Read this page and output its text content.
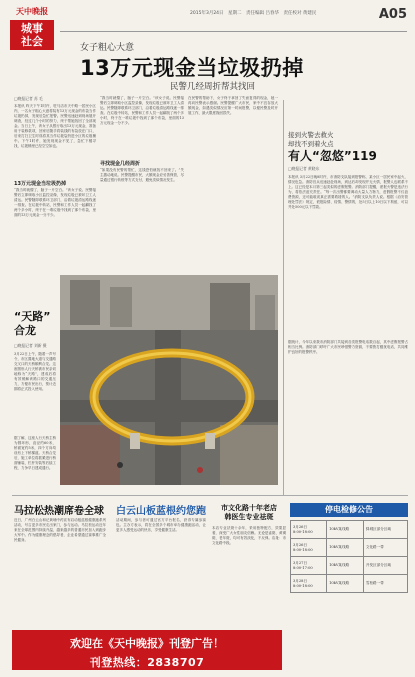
天中晚报
城事
社会
2015年3月24日　星期二　责任编辑 吕春华　责任校对 黄建民	A05
女子粗心大意
13万元现金当垃圾扔掉
民警几经周折帮其找回
□晚报记者 苏 毛
本报讯 昨天下午1时许，驻马店市天中路一居民小区内，一名女子粗心大意将装有13万元现金的布袋当作垃圾扔掉，发现后急忙报警。民警迅速赶到现场展开调查，经过几个小时的努力，终于帮她找回了全部现金。当日上午，该女子从银行取出13万元现金，准备用于装修款项，回家后随手将装钱的布袋放在门口，后来打扫卫生时误将其当作垃圾袋扔进小区的垃圾桶中。下午1时许，她发现现金不见了，急忙下楼寻找，垃圾桶里已经空空如也。
13万元现金当垃圾扔掉
“我当时就懵了，脑子一片空白。”该女子说。民警接警后立即调取小区监控录像，发现垃圾已被环卫工人清运。民警随即联系环卫部门，沿着垃圾清运路线逐一排查。在垃圾中转站，民警和工作人员一起翻找了两个多小时，终于在一堆垃圾中找到了那个布袋，里面的13万元现金一分不少。
“我当时就懵了，脑子一片空白。”该女子说。民警接警后立即调取小区监控录像，发现垃圾已被环卫工人清运。民警随即联系环卫部门，沿着垃圾清运路线逐一排查。在垃圾中转站，民警和工作人员一起翻找了两个多小时，终于在一堆垃圾中找到了那个布袋，里面的13万元现金一分不少。
寻找现金几经周折
“如果没有民警的帮忙，这钱恐怕就找不回来了。”失主激动地说。民警提醒市民，大额现金应妥善保管，尽量通过银行转账等方式支付，避免类似情况发生。
在民警的帮助下，女子终于拿回了失而复得的现金，她一再向民警表示感谢。民警提醒广大市民，家中不宜存放大额现金，如遇类似情况应第一时间报警，以便民警及时开展工作，最大限度挽回损失。
“天路”
合龙
□晚报记者 刘新 摄
3月22日上午，随着一声号令，市区置地大道与交通路交叉口的天桥顺利合龙。这座圆形人行天桥被市民亲切地称为“天路”，建成后将有效缓解该路口的交通压力，方便市民出行，预计近期将正式投入使用。
据了解，这座人行天桥主桥为圆环形，直径约60米，桥面宽约5米，四个方向均设有上下桥梯道。天桥合龙后，施工单位将抓紧进行桥面铺装、栏杆安装等后续工程，力争早日建成通行。
接到火警去救火
却找不到着火点
有人“忽悠”119
□晚报记者 黄晓东
本报讯 3月22日晚8时许，市消防支队接到报警称，某小区一居民家中起火，情况危急。消防官兵迅速赶赴现场，到达后却发现并无火情，报警人也联系不上。这已经是本月第三起类似的虚假报警。消防部门提醒，谎报火警是违法行为，将依法追究责任。“每一次出警都要调动大量人力物力，虚假报警不仅浪费资源，还可能耽误真正需要救援的人。”消防支队负责人说。根据《治安管理处罚法》规定，谎报险情、疫情、警情的，处5日以上10日以下拘留，可以并处500元以下罚款。
据统计，今年以来我市消防部门共接到各类报警电话数百起，其中虚假报警占相当比例。消防部门呼吁广大市民珍惜警力资源，不要拨打骚扰电话，共同维护良好的报警秩序。
马拉松热潮席卷全球 白云山板蓝根约您跑
近日，广州白云山和记黄埔中药宣布启动板蓝根健康跑系列活动，号召更多市民走出家门，参与运动。马拉松运动近年来在全球范围内持续升温，越来越多的普通市民加入到跑步大军中。作为健康理念的倡导者，企业希望通过赛事推广全民健身。
活动期间，参与者可通过官方平台报名，获得专属参赛包。主办方表示，将在全国多个城市举办健康跑活动，让更多人感受运动的快乐，享受健康生活。
市文化路十年老店
韩医生专业祛斑
本店专业祛斑十余年，采用独特配方，效果显著，深受广大女性朋友信赖。无论是雀斑、黄褐斑、老年斑，均可有效淡化，不反弹。店址：市文化路中段。
停电检修公告
3月26日
8:00-18:00	10kV某线路	驿城区部分区域
3月26日
8:00-18:00	10kV某线路	文化路一带
3月27日
8:00-17:00	10kV某线路	开发区部分区域
3月28日
8:00-18:00	10kV某线路	雪松路一带
欢迎在《天中晚报》刊登广告！
刊登热线：2838707
